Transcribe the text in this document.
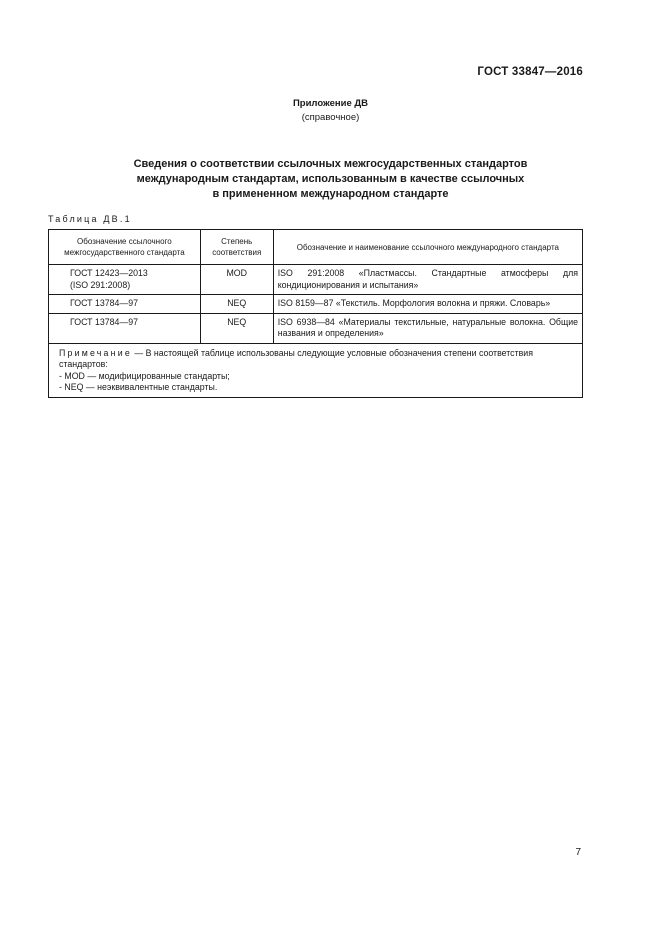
ГОСТ 33847—2016
Приложение ДВ
(справочное)
Сведения о соответствии ссылочных межгосударственных стандартов
международным стандартам, использованным в качестве ссылочных
в примененном международном стандарте
Таблица ДВ.1
Обозначение ссылочного межгосударственного стандарта	Степень соответствия	Обозначение и наименование ссылочного международного стандарта

ГОСТ 12423—2013
(ISO 291:2008)	MOD	ISO 291:2008 «Пластмассы. Стандартные атмосферы для кондиционирования и испытания»

ГОСТ 13784—97	NEQ	ISO 8159—87 «Текстиль. Морфология волокна и пряжи. Словарь»

ГОСТ 13784—97	NEQ	ISO 6938—84 «Материалы текстильные, натуральные волокна. Общие названия и определения»

Примечание — В настоящей таблице использованы следующие условные обозначения степени соответствия стандартов:
- MOD — модифицированные стандарты;
- NEQ — неэквивалентные стандарты.		
7
